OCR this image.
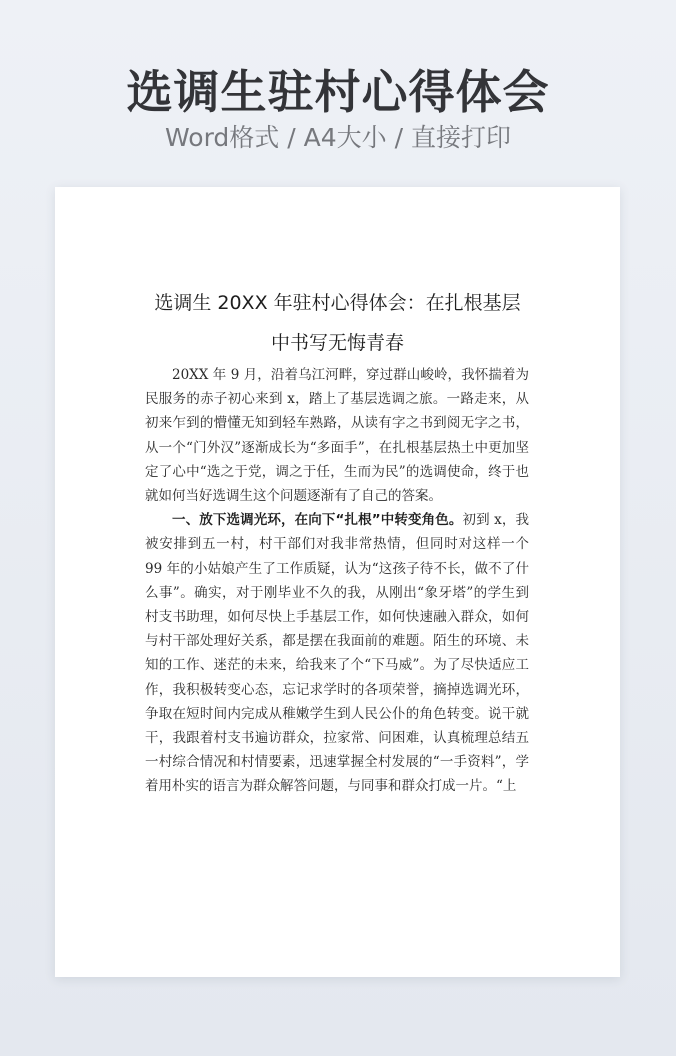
选调生驻村心得体会
Word格式 / A4大小 / 直接打印
选调生 20XX 年驻村心得体会：在扎根基层
中书写无悔青春

20XX 年 9 月，沿着乌江河畔，穿过群山峻岭，我怀揣着为民服务的赤子初心来到 x，踏上了基层选调之旅。一路走来，从初来乍到的懵懂无知到轻车熟路，从读有字之书到阅无字之书，从一个“门外汉”逐渐成长为“多面手”，在扎根基层热土中更加坚定了心中“选之于党，调之于任，生而为民”的选调使命，终于也就如何当好选调生这个问题逐渐有了自己的答案。

一、放下选调光环，在向下“扎根”中转变角色。初到 x，我被安排到五一村，村干部们对我非常热情，但同时对这样一个 99 年的小姑娘产生了工作质疑，认为“这孩子待不长，做不了什么事”。确实，对于刚毕业不久的我，从刚出“象牙塔”的学生到村支书助理，如何尽快上手基层工作，如何快速融入群众，如何与村干部处理好关系，都是摆在我面前的难题。陌生的环境、未知的工作、迷茫的未来，给我来了个“下马威”。为了尽快适应工作，我积极转变心态，忘记求学时的各项荣誉，摘掉选调光环，争取在短时间内完成从稚嫩学生到人民公仆的角色转变。说干就干，我跟着村支书遍访群众，拉家常、问困难，认真梳理总结五一村综合情况和村情要素，迅速掌握全村发展的“一手资料”，学着用朴实的语言为群众解答问题，与同事和群众打成一片。“上
